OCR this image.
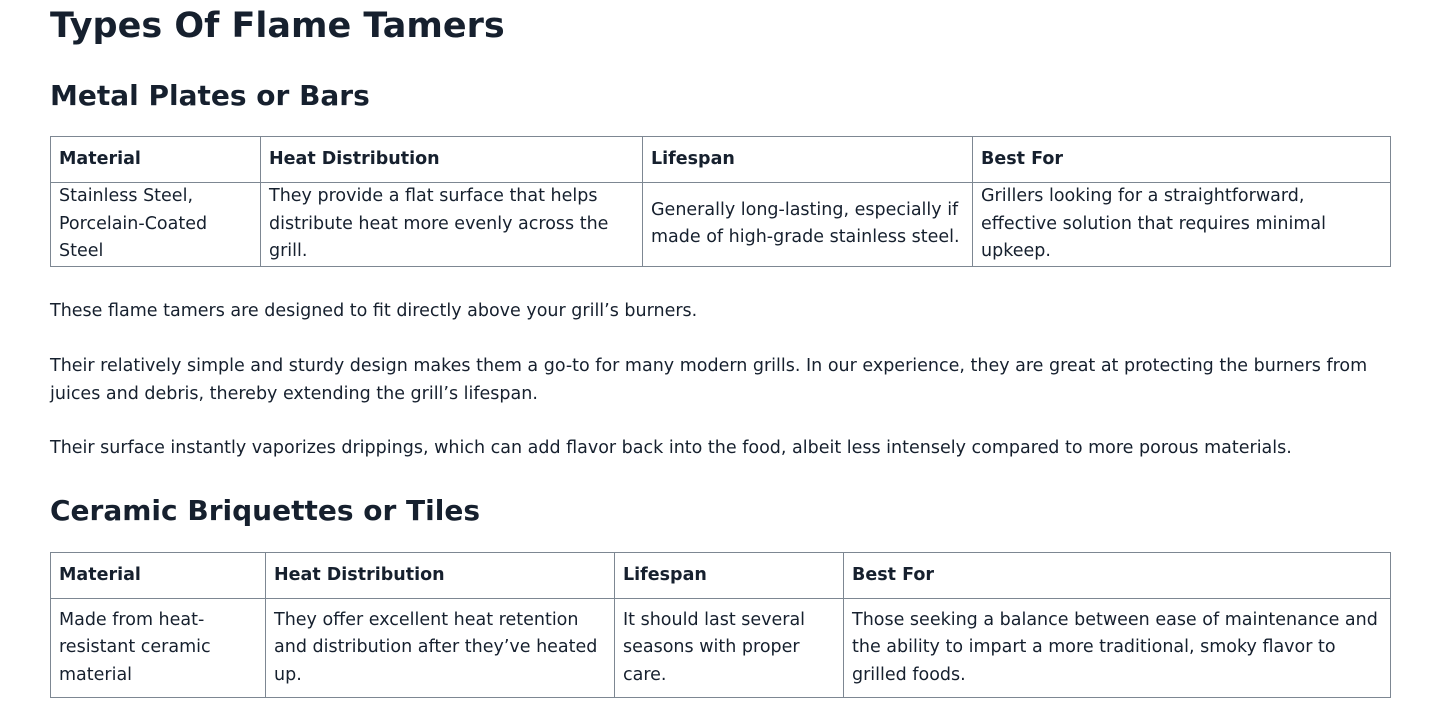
Types Of Flame Tamers
Metal Plates or Bars
Material	Heat Distribution	Lifespan	Best For
Stainless Steel, Porcelain-Coated Steel	They provide a flat surface that helps distribute heat more evenly across the grill.	Generally long-lasting, especially if made of high-grade stainless steel.	Grillers looking for a straightforward, effective solution that requires minimal upkeep.

These flame tamers are designed to fit directly above your grill’s burners.

Their relatively simple and sturdy design makes them a go-to for many modern grills. In our experience, they are great at protecting the burners from juices and debris, thereby extending the grill’s lifespan.

Their surface instantly vaporizes drippings, which can add flavor back into the food, albeit less intensely compared to more porous materials.

Ceramic Briquettes or Tiles
Material	Heat Distribution	Lifespan	Best For
Made from heat-resistant ceramic material	They offer excellent heat retention and distribution after they’ve heated up.	It should last several seasons with proper care.	Those seeking a balance between ease of maintenance and the ability to impart a more traditional, smoky flavor to grilled foods.
